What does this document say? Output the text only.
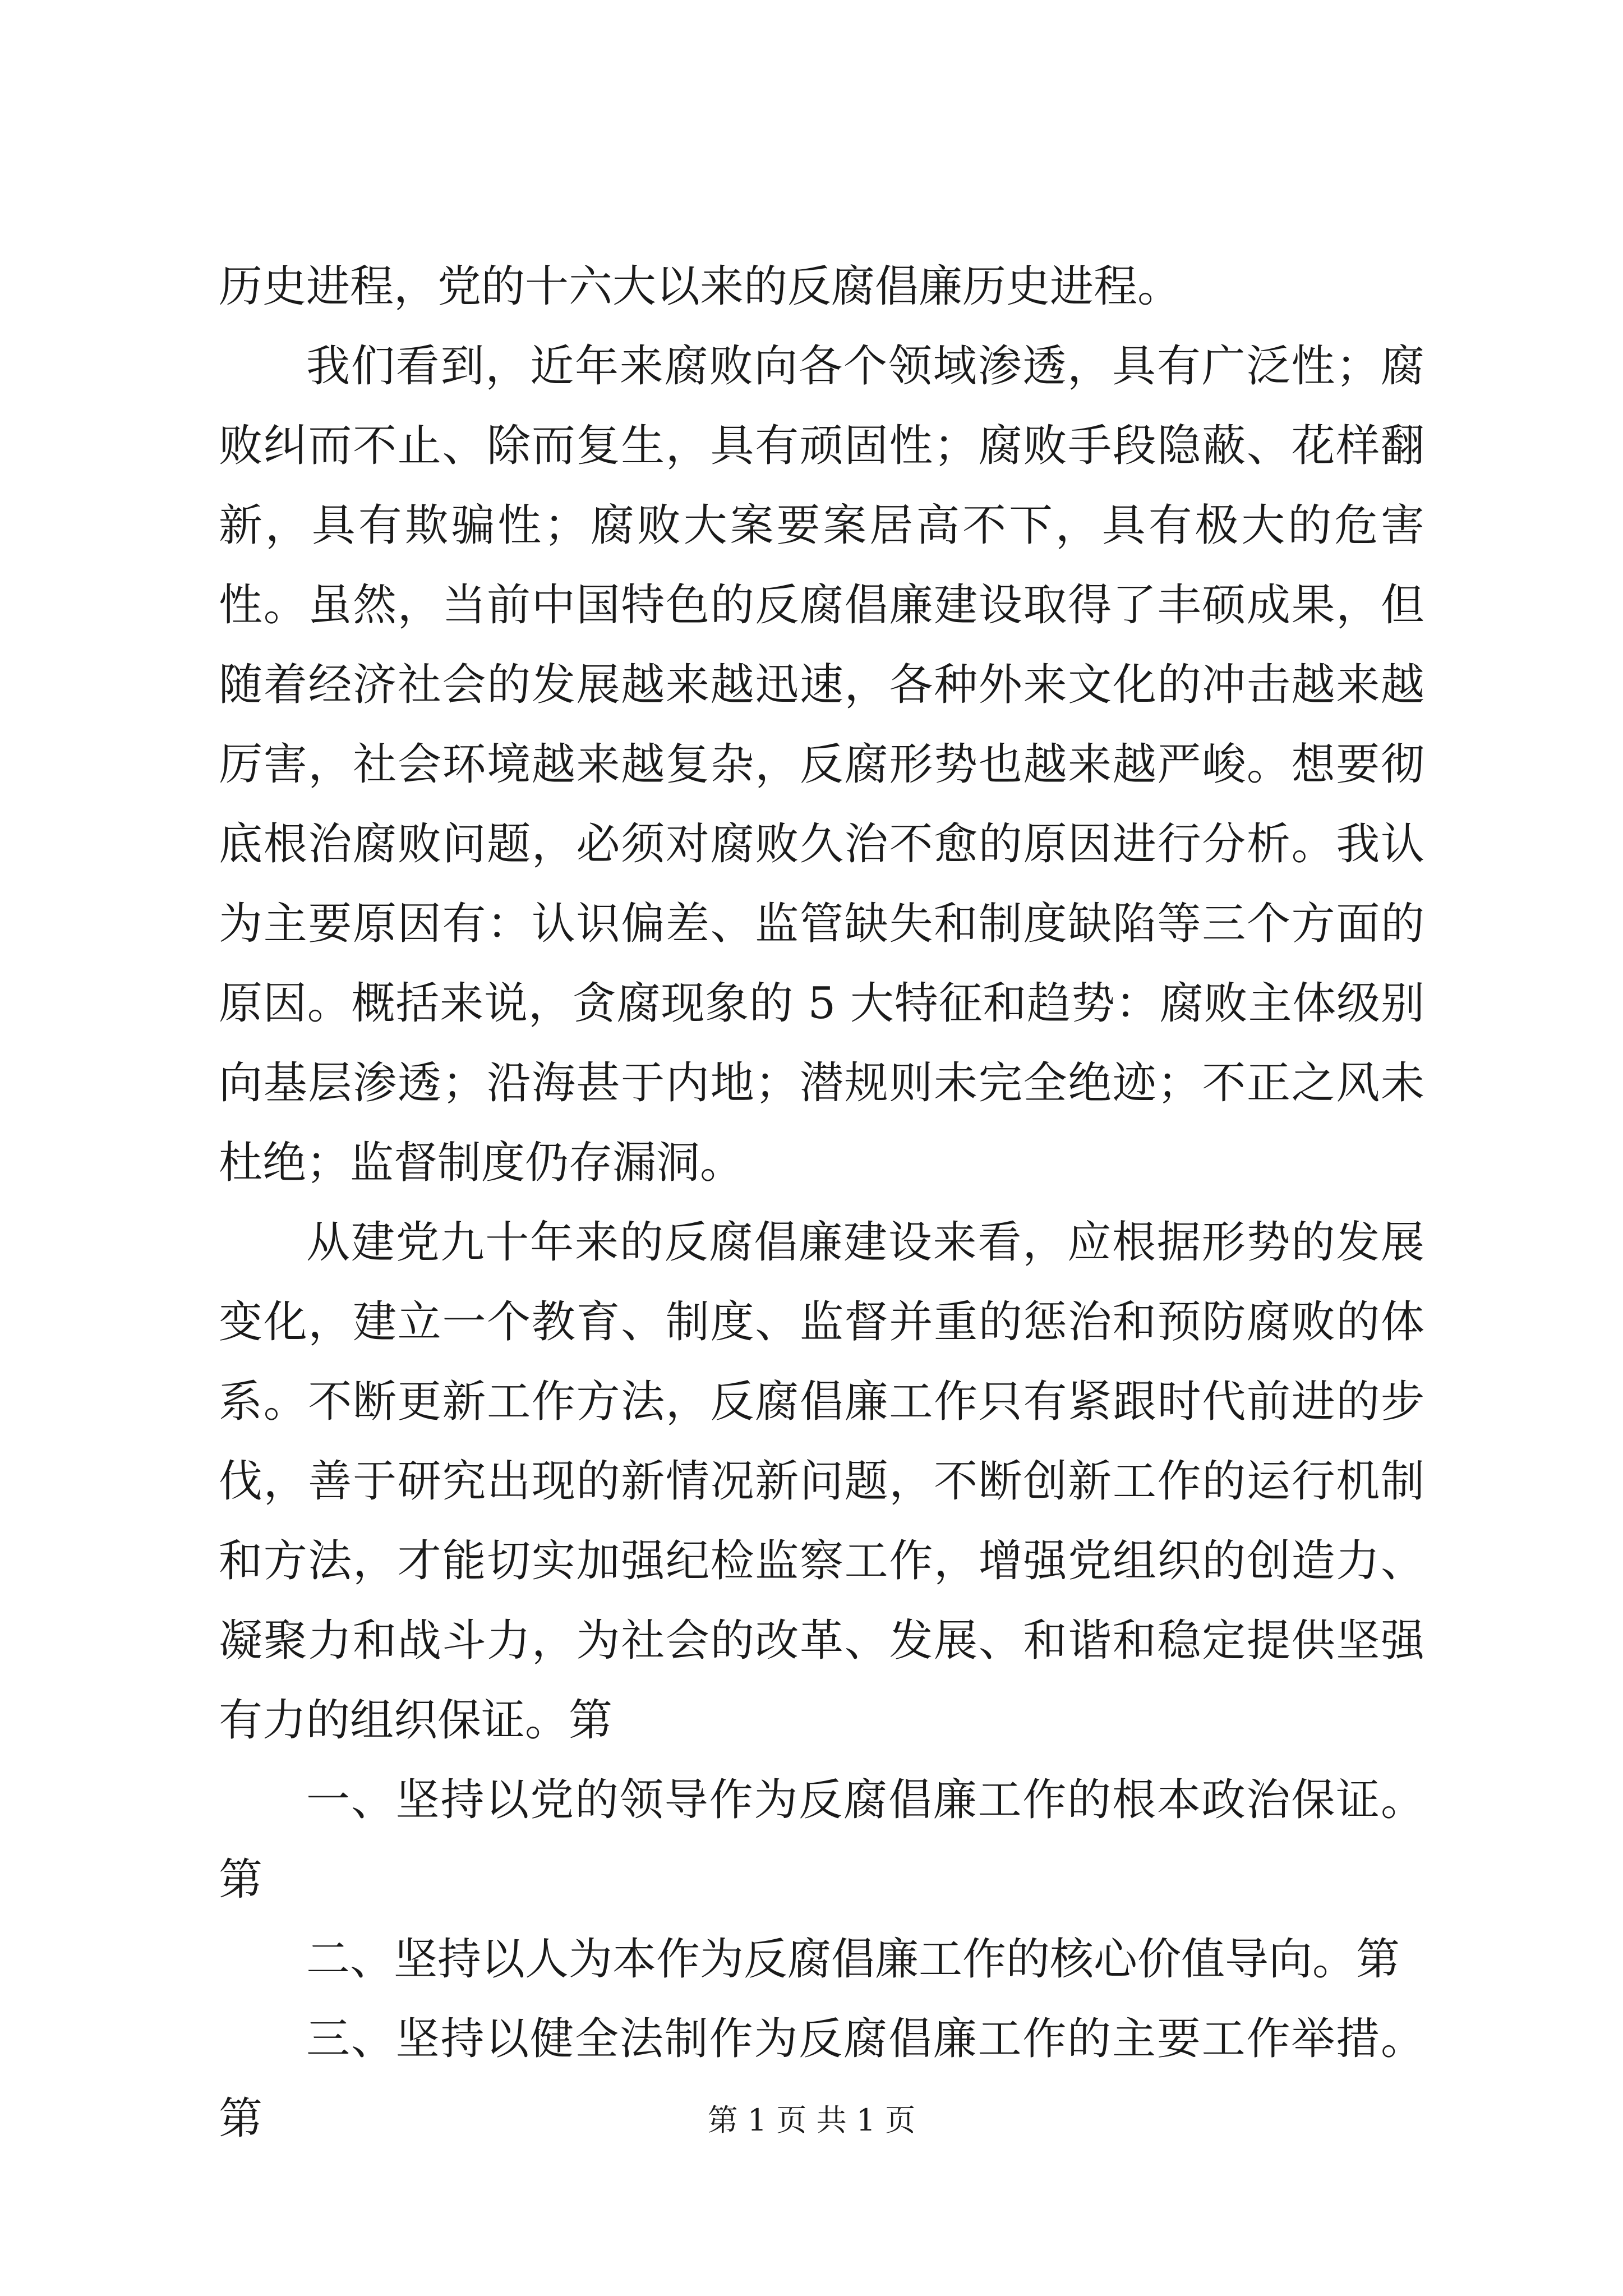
历史进程，党的十六大以来的反腐倡廉历史进程。

我们看到，近年来腐败向各个领域渗透，具有广泛性；腐败纠而不止、除而复生，具有顽固性；腐败手段隐蔽、花样翻新，具有欺骗性；腐败大案要案居高不下，具有极大的危害性。虽然，当前中国特色的反腐倡廉建设取得了丰硕成果，但随着经济社会的发展越来越迅速，各种外来文化的冲击越来越厉害，社会环境越来越复杂，反腐形势也越来越严峻。想要彻底根治腐败问题，必须对腐败久治不愈的原因进行分析。我认为主要原因有：认识偏差、监管缺失和制度缺陷等三个方面的原因。概括来说，贪腐现象的 5 大特征和趋势：腐败主体级别向基层渗透；沿海甚于内地；潜规则未完全绝迹；不正之风未杜绝；监督制度仍存漏洞。

从建党九十年来的反腐倡廉建设来看，应根据形势的发展变化，建立一个教育、制度、监督并重的惩治和预防腐败的体系。不断更新工作方法，反腐倡廉工作只有紧跟时代前进的步伐，善于研究出现的新情况新问题，不断创新工作的运行机制和方法，才能切实加强纪检监察工作，增强党组织的创造力、凝聚力和战斗力，为社会的改革、发展、和谐和稳定提供坚强有力的组织保证。第

一、坚持以党的领导作为反腐倡廉工作的根本政治保证。第

二、坚持以人为本作为反腐倡廉工作的核心价值导向。第

三、坚持以健全法制作为反腐倡廉工作的主要工作举措。第	第 1 页 共 1 页
